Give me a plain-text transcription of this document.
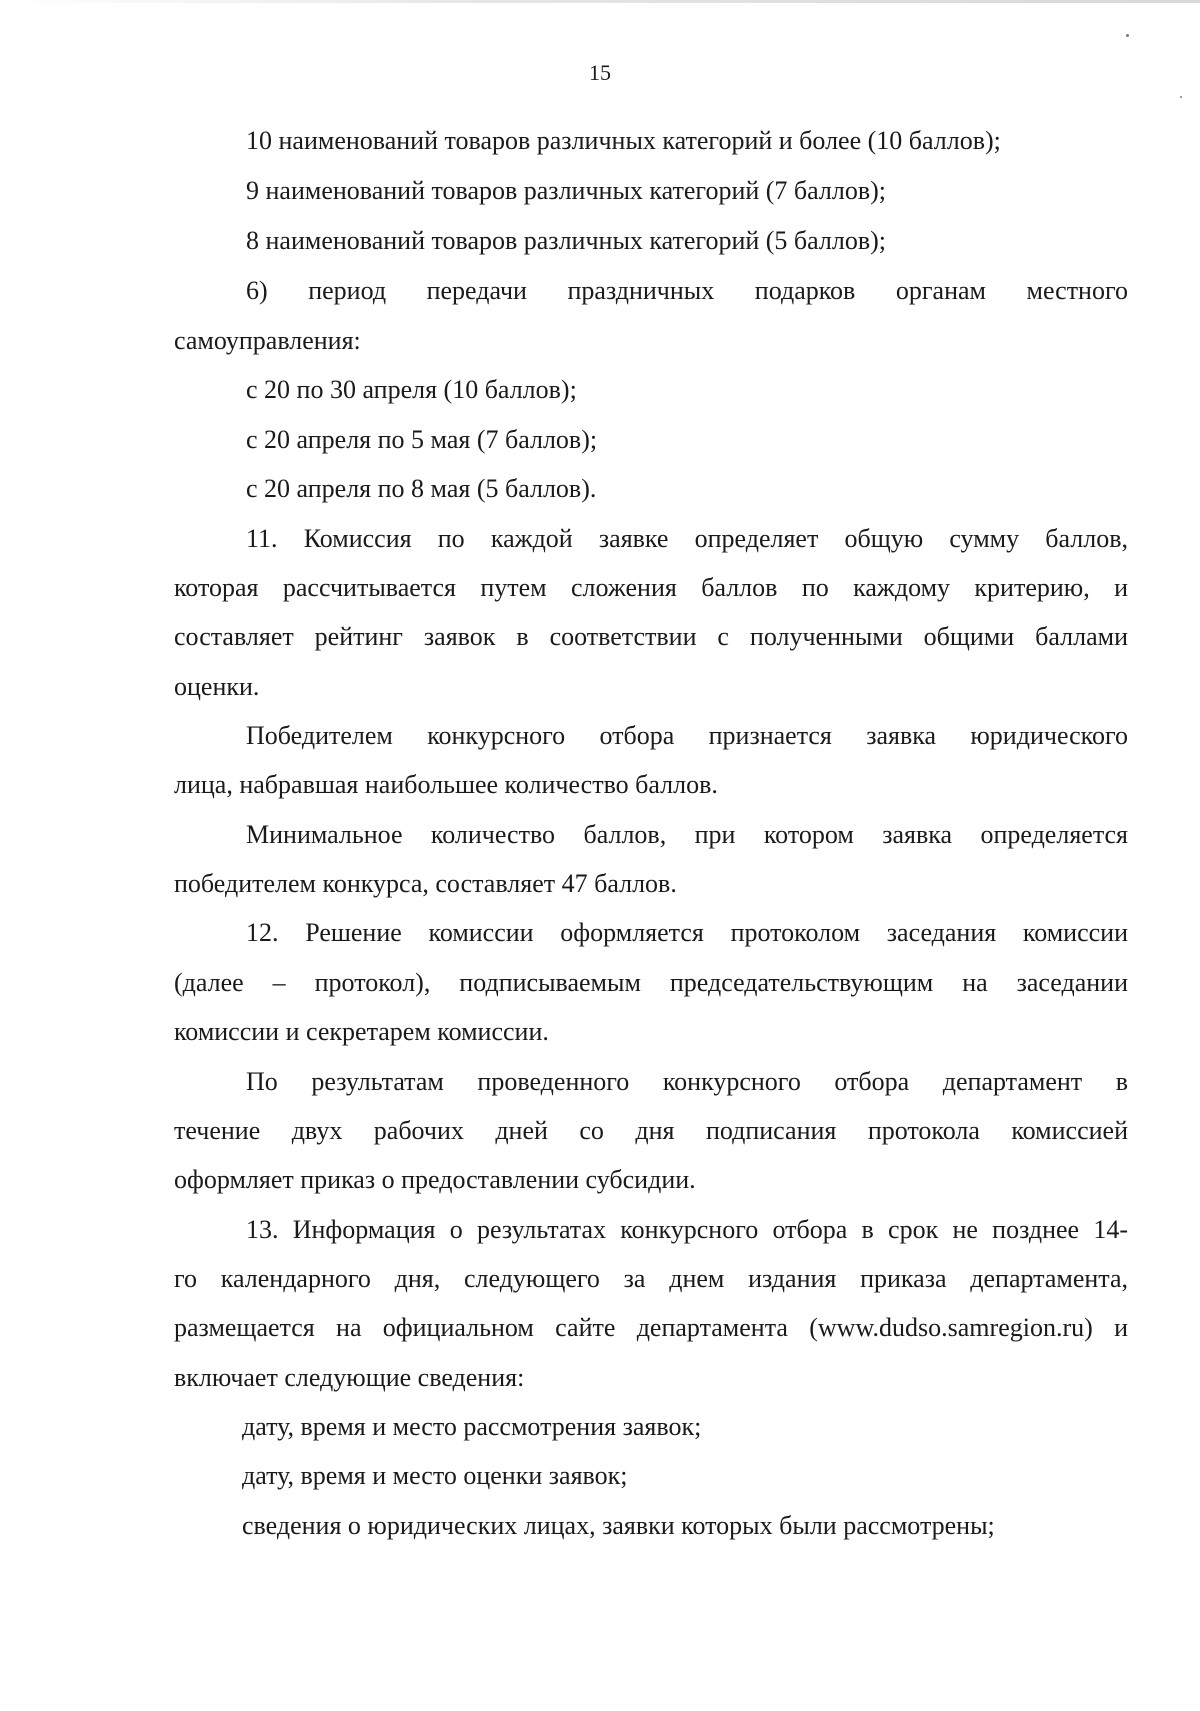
15
10 наименований товаров различных категорий и более (10 баллов);
9 наименований товаров различных категорий (7 баллов);
8 наименований товаров различных категорий (5 баллов);
6) период передачи праздничных подарков органам местного
самоуправления:
с 20 по 30 апреля (10 баллов);
с 20 апреля по 5 мая (7 баллов);
с 20 апреля по 8 мая (5 баллов).
11. Комиссия по каждой заявке определяет общую сумму баллов,
которая рассчитывается путем сложения баллов по каждому критерию, и
составляет рейтинг заявок в соответствии с полученными общими баллами
оценки.
Победителем конкурсного отбора признается заявка юридического
лица, набравшая наибольшее количество баллов.
Минимальное количество баллов, при котором заявка определяется
победителем конкурса, составляет 47 баллов.
12. Решение комиссии оформляется протоколом заседания комиссии
(далее – протокол), подписываемым председательствующим на заседании
комиссии и секретарем комиссии.
По результатам проведенного конкурсного отбора департамент в
течение двух рабочих дней со дня подписания протокола комиссией
оформляет приказ о предоставлении субсидии.
13. Информация о результатах конкурсного отбора в срок не позднее 14-
го календарного дня, следующего за днем издания приказа департамента,
размещается на официальном сайте департамента (www.dudso.samregion.ru) и
включает следующие сведения:
дату, время и место рассмотрения заявок;
дату, время и место оценки заявок;
сведения о юридических лицах, заявки которых были рассмотрены;
